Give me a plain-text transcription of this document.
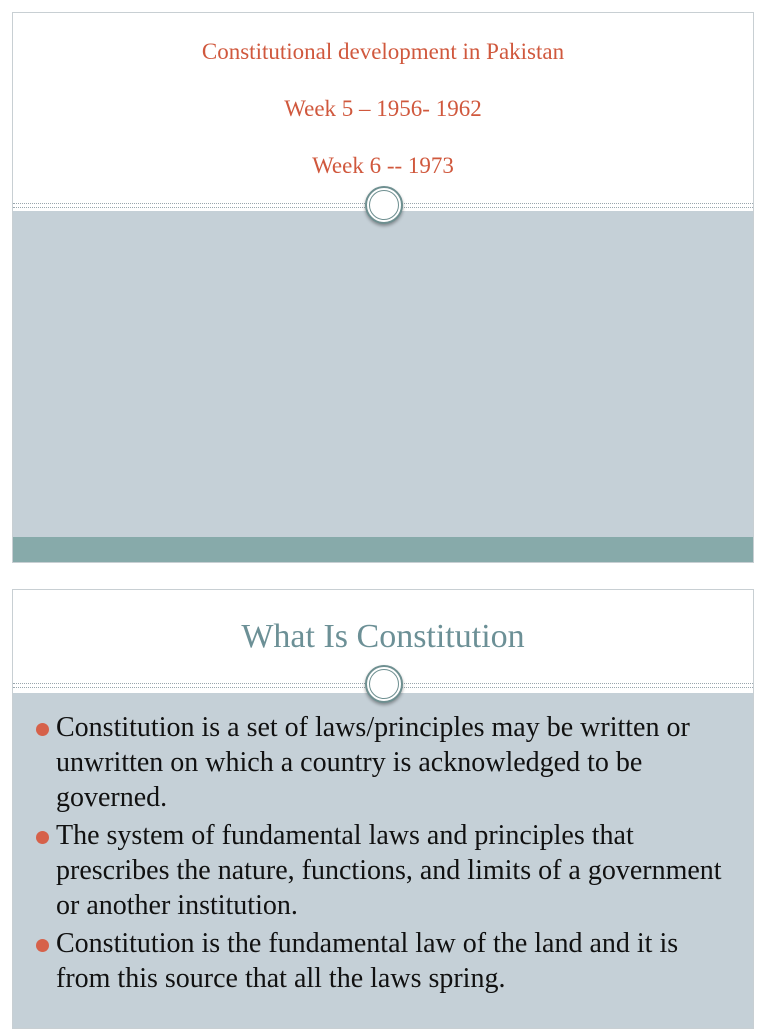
Constitutional development in Pakistan
Week 5 – 1956- 1962
Week 6 -- 1973
What Is Constitution
Constitution is a set of laws/principles may be written or unwritten on which a country is acknowledged to be governed.
The system of fundamental laws and principles that prescribes the nature, functions, and limits of a government or another institution.
Constitution is the fundamental law of the land and it is from this source that all the laws spring.
